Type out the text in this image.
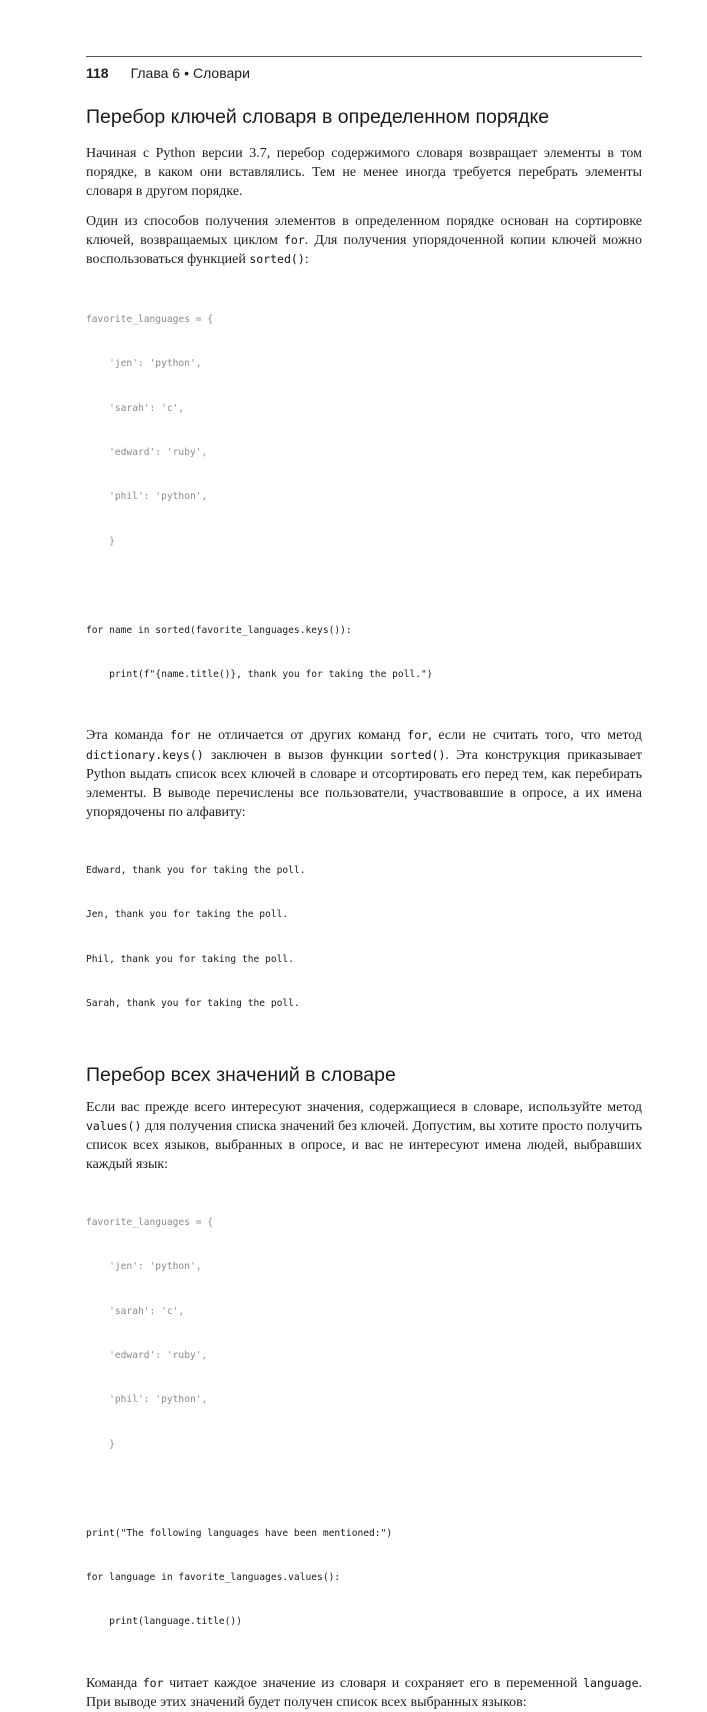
118 Глава 6 • Словари
Перебор ключей словаря в определенном порядке

Начиная с Python версии 3.7, перебор содержимого словаря возвращает элементы в том порядке, в каком они вставлялись. Тем не менее иногда требуется перебрать элементы словаря в другом порядке.

Один из способов получения элементов в определенном порядке основан на сортировке ключей, возвращаемых циклом for. Для получения упорядоченной копии ключей можно воспользоваться функцией sorted():

favorite_languages = {

'jen': 'python',

'sarah': 'c',

'edward': 'ruby',

'phil': 'python',

}

for name in sorted(favorite_languages.keys()):

print(f"{name.title()}, thank you for taking the poll.")

Эта команда for не отличается от других команд for, если не считать того, что метод dictionary.keys() заключен в вызов функции sorted(). Эта конструкция приказывает Python выдать список всех ключей в словаре и отсортировать его перед тем, как перебирать элементы. В выводе перечислены все пользователи, участвовавшие в опросе, а их имена упорядочены по алфавиту:

Edward, thank you for taking the poll.

Jen, thank you for taking the poll.

Phil, thank you for taking the poll.

Sarah, thank you for taking the poll.

Перебор всех значений в словаре

Если вас прежде всего интересуют значения, содержащиеся в словаре, используйте метод values() для получения списка значений без ключей. Допустим, вы хотите просто получить список всех языков, выбранных в опросе, и вас не интересуют имена людей, выбравших каждый язык:

favorite_languages = {

'jen': 'python',

'sarah': 'c',

'edward': 'ruby',

'phil': 'python',

}

print("The following languages have been mentioned:")

for language in favorite_languages.values():

print(language.title())

Команда for читает каждое значение из словаря и сохраняет его в переменной language. При выводе этих значений будет получен список всех выбранных языков:
